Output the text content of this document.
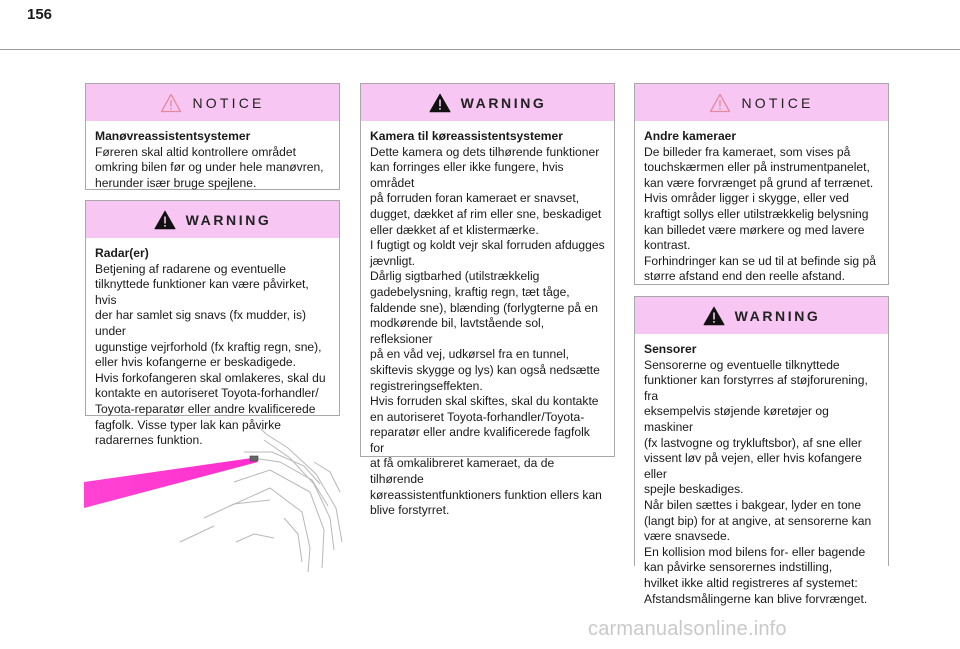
156
NOTICE

Manøvreassistentsystemer

Føreren skal altid kontrollere området

omkring bilen før og under hele manøvren,

herunder især bruge spejlene.

WARNING

Radar(er)

Betjening af radarene og eventuelle

tilknyttede funktioner kan være påvirket, hvis

der har samlet sig snavs (fx mudder, is) under

ugunstige vejrforhold (fx kraftig regn, sne),

eller hvis kofangerne er beskadigede.

Hvis forkofangeren skal omlakeres, skal du

kontakte en autoriseret Toyota-forhandler/

Toyota-reparatør eller andre kvalificerede

fagfolk. Visse typer lak kan påvirke

radarernes funktion.

WARNING

Kamera til køreassistentsystemer

Dette kamera og dets tilhørende funktioner

kan forringes eller ikke fungere, hvis området

på forruden foran kameraet er snavset,

dugget, dækket af rim eller sne, beskadiget

eller dækket af et klistermærke.

I fugtigt og koldt vejr skal forruden afdugges

jævnligt.

Dårlig sigtbarhed (utilstrækkelig

gadebelysning, kraftig regn, tæt tåge,

faldende sne), blænding (forlygterne på en

modkørende bil, lavtstående sol, refleksioner

på en våd vej, udkørsel fra en tunnel,

skiftevis skygge og lys) kan også nedsætte

registreringseffekten.

Hvis forruden skal skiftes, skal du kontakte

en autoriseret Toyota-forhandler/Toyota-

reparatør eller andre kvalificerede fagfolk for

at få omkalibreret kameraet, da de tilhørende

køreassistentfunktioners funktion ellers kan

blive forstyrret.

NOTICE

Andre kameraer

De billeder fra kameraet, som vises på

touchskærmen eller på instrumentpanelet,

kan være forvrænget på grund af terrænet.

Hvis områder ligger i skygge, eller ved

kraftigt sollys eller utilstrækkelig belysning

kan billedet være mørkere og med lavere

kontrast.

Forhindringer kan se ud til at befinde sig på

større afstand end den reelle afstand.

WARNING

Sensorer

Sensorerne og eventuelle tilknyttede

funktioner kan forstyrres af støjforurening, fra

eksempelvis støjende køretøjer og maskiner

(fx lastvogne og trykluftsbor), af sne eller

vissent løv på vejen, eller hvis kofangere eller

spejle beskadiges.

Når bilen sættes i bakgear, lyder en tone

(langt bip) for at angive, at sensorerne kan

være snavsede.

En kollision mod bilens for- eller bagende

kan påvirke sensorernes indstilling,

hvilket ikke altid registreres af systemet:

Afstandsmålingerne kan blive forvrænget.

carmanualsonline.info
